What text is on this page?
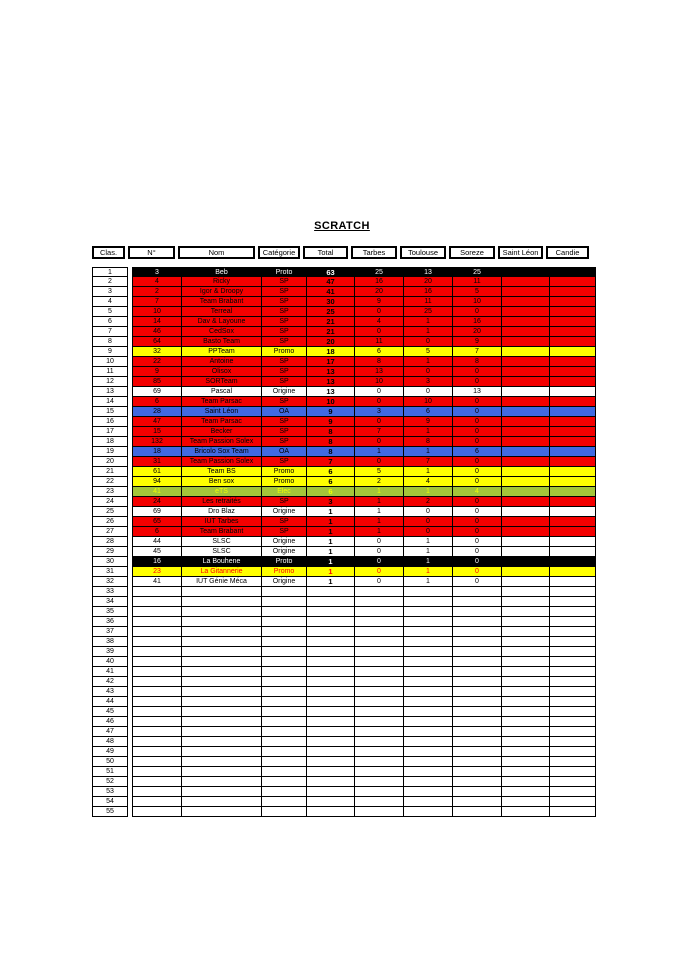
SCRATCH
Clas.	N°	Nom	Catégorie	Total	Tarbes	Toulouse	Soreze	Saint Léon	Candie
1	3	Beb	Proto	63	25	13	25
2	4	Ricky	SP	47	16	20	11
3	2	Igor & Droopy	SP	41	20	16	5
4	7	Team Brabant	SP	30	9	11	10
5	10	Terreal	SP	25	0	25	0
6	14	Dav & Layoune	SP	21	4	1	16
7	46	CedSox	SP	21	0	1	20
8	64	Basto Team	SP	20	11	0	9
9	32	PPTeam	Promo	18	6	5	7
10	22	Antoine	SP	17	8	1	8
11	9	Olisox	SP	13	13	0	0
12	85	SORTeam	SP	13	10	3	0
13	69	Pascal	Origine	13	0	0	13
14	6	Team Parsac	SP	10	0	10	0
15	28	Saint Léon	OA	9	3	6	0
16	47	Team Parsac	SP	9	0	9	0
17	15	Becker	SP	8	7	1	0
18	132	Team Passion Solex	SP	8	0	8	0
19	18	Bricolo Sox Team	OA	8	1	1	6
20	31	Team Passion Solex	SP	7	0	7	0
21	61	Team BS	Promo	6	5	1	0
22	94	Ben sox	Promo	6	2	4	0
23	41	eTS	Elec	6	1	1	4
24	24	Les retraités	SP	3	1	2	0
25	69	Dro Blaz	Origine	1	1	0	0
26	65	IUT Tarbes	SP	1	1	0	0
27	6	Team Brabant	SP	1	1	0	0
28	44	SLSC	Origine	1	0	1	0
29	45	SLSC	Origine	1	0	1	0
30	16	La Bouhene	Proto	1	0	1	0
31	23	La Gitannerie	Promo	1	0	1	0
32	41	IUT Génie Méca	Origine	1	0	1	0
33
34
35
36
37
38
39
40
41
42
43
44
45
46
47
48
49
50
51
52
53
54
55
